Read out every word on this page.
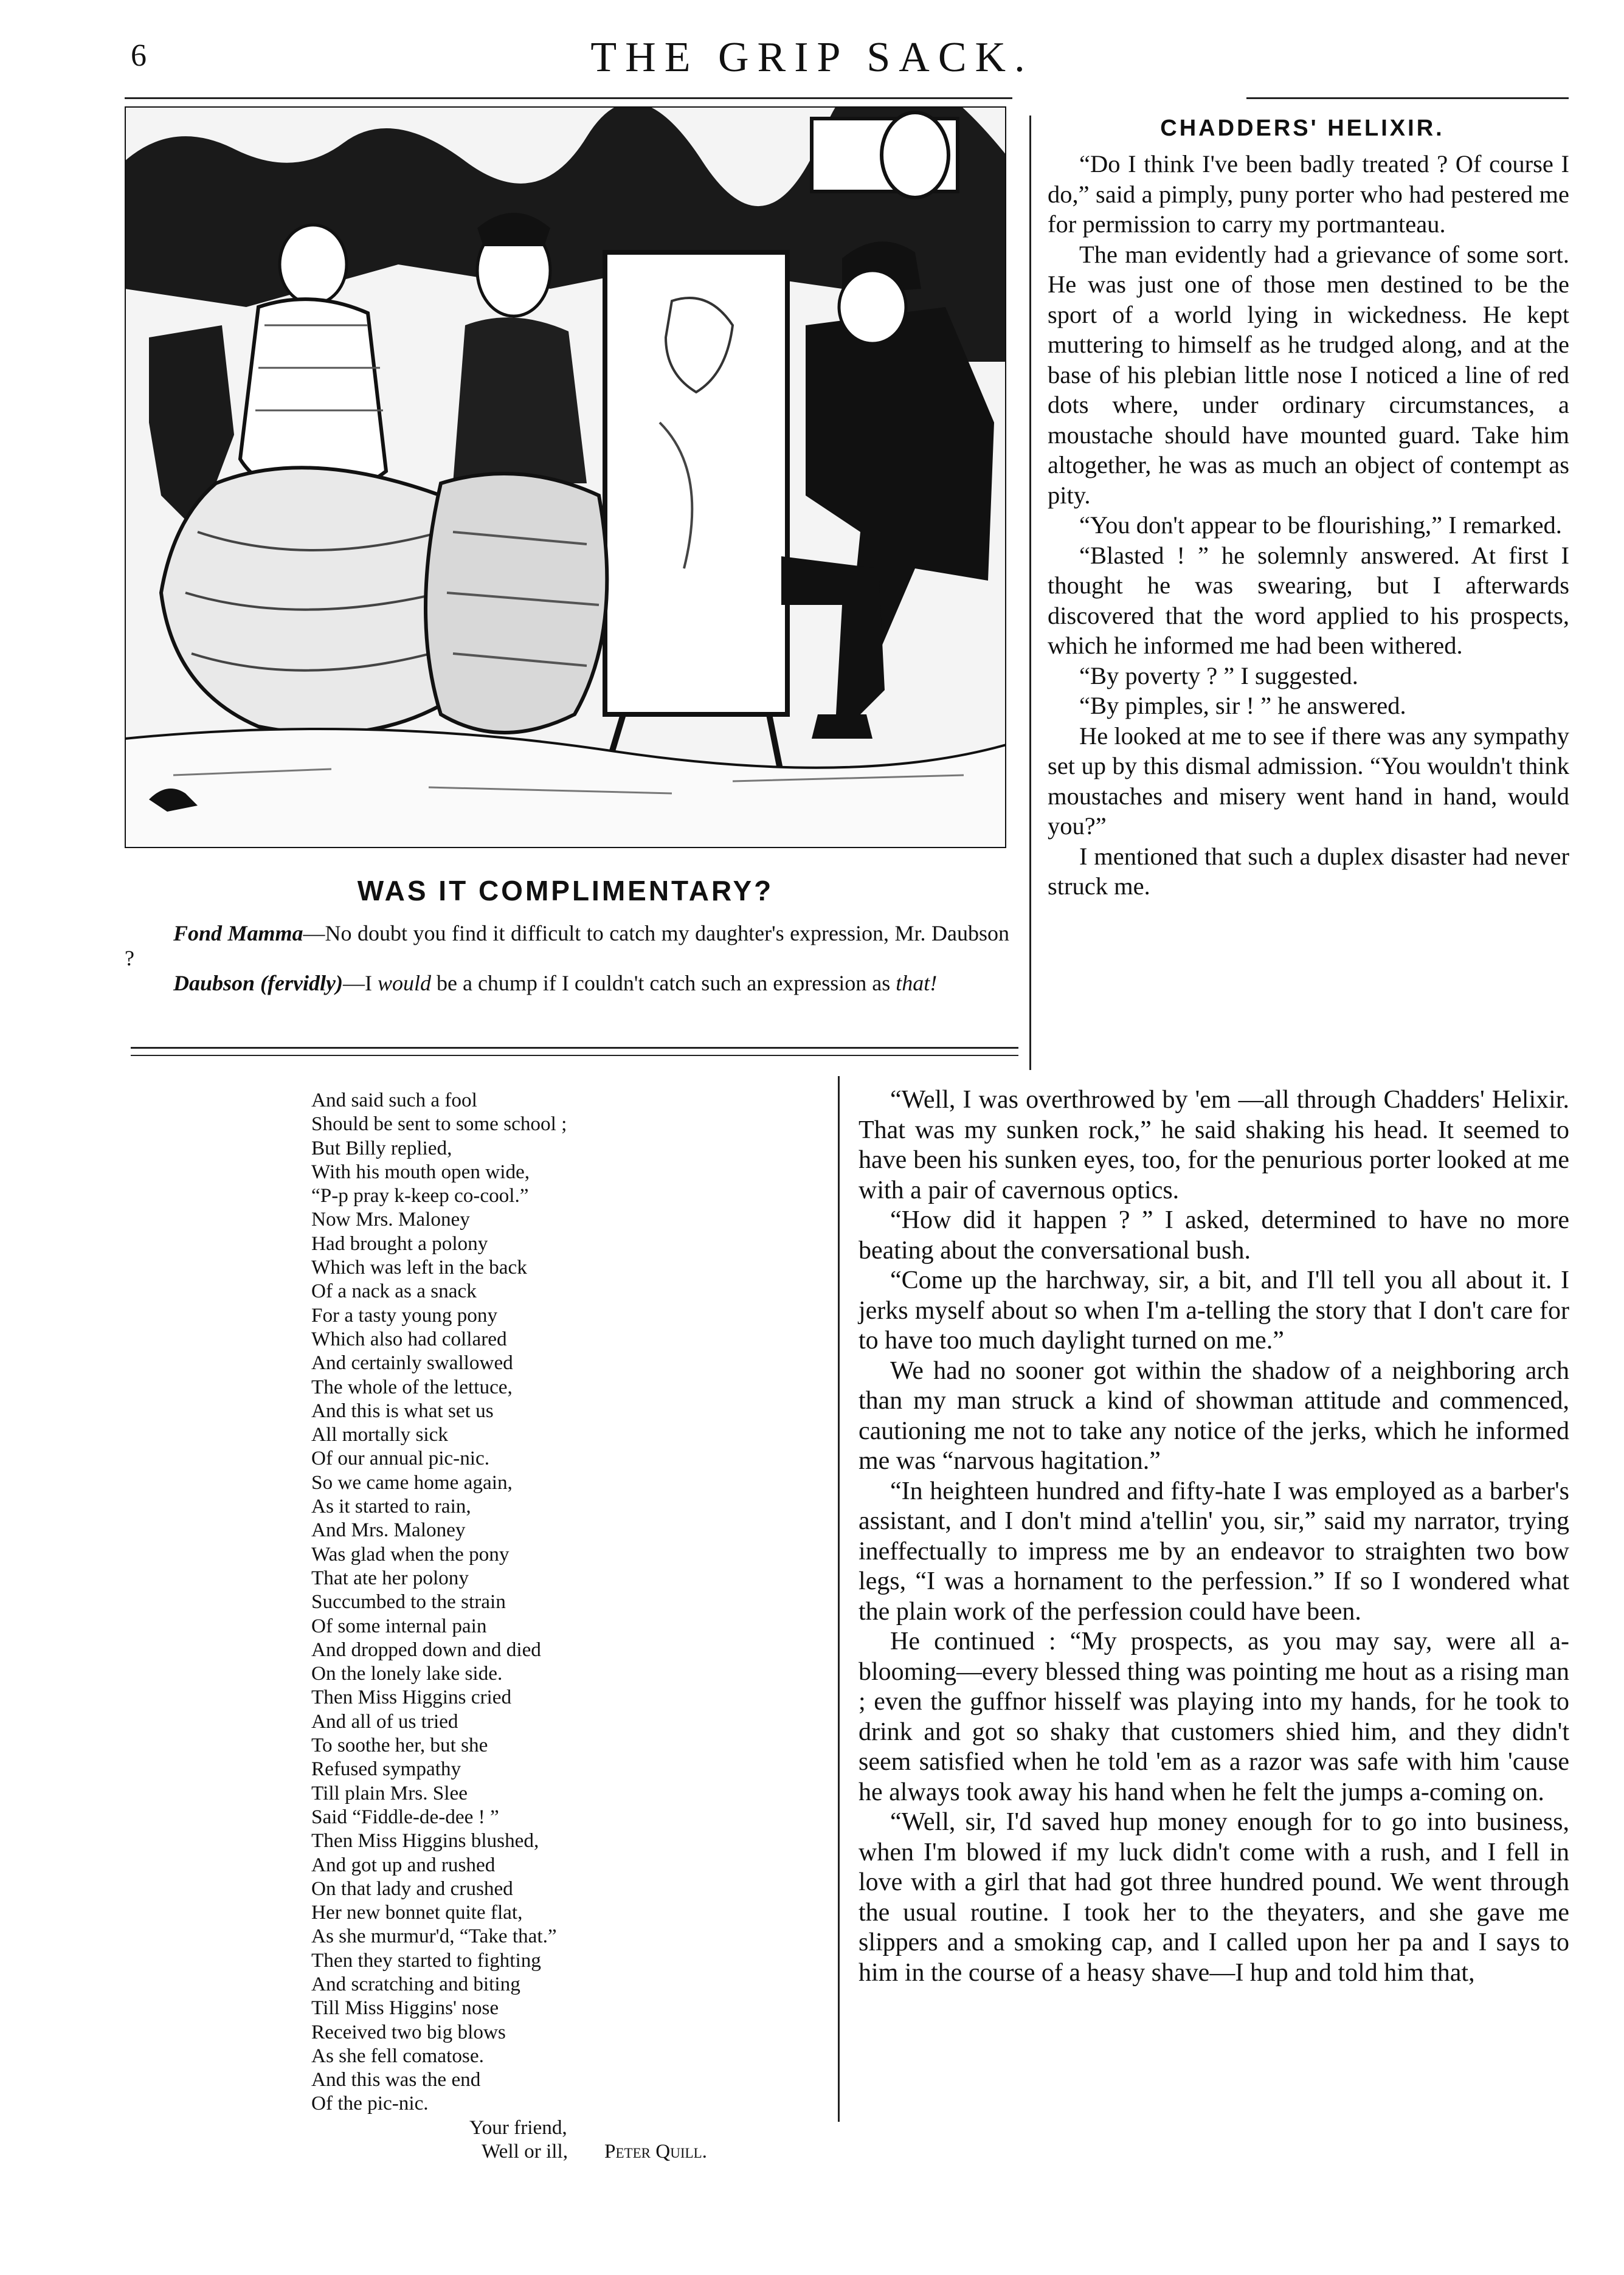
6	THE GRIP SACK.
WAS IT COMPLIMENTARY?

Fond Mamma—No doubt you find it difficult to catch my daughter's expression, Mr. Daubson ?

Daubson (fervidly)—I would be a chump if I couldn't catch such an expression as that!

CHADDERS' HELIXIR.

“Do I think I've been badly treated ? Of course I do,” said a pimply, puny porter who had pestered me for permission to carry my portmanteau.

The man evidently had a grievance of some sort. He was just one of those men destined to be the sport of a world lying in wickedness. He kept muttering to himself as he trudged along, and at the base of his plebian little nose I noticed a line of red dots where, under ordinary circumstances, a moustache should have mounted guard. Take him altogether, he was as much an object of contempt as pity.

“You don't appear to be flourishing,” I remarked.

“Blasted ! ” he solemnly answered. At first I thought he was swearing, but I afterwards discovered that the word applied to his prospects, which he informed me had been withered.

“By poverty ? ” I suggested.

“By pimples, sir ! ” he answered.

He looked at me to see if there was any sympathy set up by this dismal admission. “You wouldn't think moustaches and misery went hand in hand, would you?”

I mentioned that such a duplex disaster had never struck me.

“Well, I was overthrowed by 'em —all through Chadders' Helixir. That was my sunken rock,” he said shaking his head. It seemed to have been his sunken eyes, too, for the penurious porter looked at me with a pair of cavernous optics.

“How did it happen ? ” I asked, determined to have no more beating about the conversational bush.

“Come up the harchway, sir, a bit, and I'll tell you all about it. I jerks myself about so when I'm a-telling the story that I don't care for to have too much daylight turned on me.”

We had no sooner got within the shadow of a neighboring arch than my man struck a kind of showman attitude and commenced, cautioning me not to take any notice of the jerks, which he informed me was “narvous hagitation.”

“In heighteen hundred and fifty-hate I was employed as a barber's assistant, and I don't mind a'tellin' you, sir,” said my narrator, trying ineffectually to impress me by an endeavor to straighten two bow legs, “I was a hornament to the perfession.” If so I wondered what the plain work of the perfession could have been.

He continued : “My prospects, as you may say, were all a-blooming—every blessed thing was pointing me hout as a rising man ; even the guffnor hisself was playing into my hands, for he took to drink and got so shaky that customers shied him, and they didn't seem satisfied when he told 'em as a razor was safe with him 'cause he always took away his hand when he felt the jumps a-coming on.

“Well, sir, I'd saved hup money enough for to go into business, when I'm blowed if my luck didn't come with a rush, and I fell in love with a girl that had got three hundred pound. We went through the usual routine. I took her to the theyaters, and she gave me slippers and a smoking cap, and I called upon her pa and I says to him in the course of a heasy shave—I hup and told him that,

And said such a fool
Should be sent to some school ;
But Billy replied,
With his mouth open wide,
“P-p pray k-keep co-cool.”
Now Mrs. Maloney
Had brought a polony
Which was left in the back
Of a nack as a snack
For a tasty young pony
Which also had collared
And certainly swallowed
The whole of the lettuce,
And this is what set us
All mortally sick
Of our annual pic-nic.
So we came home again,
As it started to rain,
And Mrs. Maloney
Was glad when the pony
That ate her polony
Succumbed to the strain
Of some internal pain
And dropped down and died
On the lonely lake side.
Then Miss Higgins cried
And all of us tried
To soothe her, but she
Refused sympathy
Till plain Mrs. Slee
Said “Fiddle-de-dee ! ”
Then Miss Higgins blushed,
And got up and rushed
On that lady and crushed
Her new bonnet quite flat,
As she murmur'd, “Take that.”
Then they started to fighting
And scratching and biting
Till Miss Higgins' nose
Received two big blows
As she fell comatose.
And this was the end
Of the pic-nic.
Your friend,
Well or ill, Peter Quill.
